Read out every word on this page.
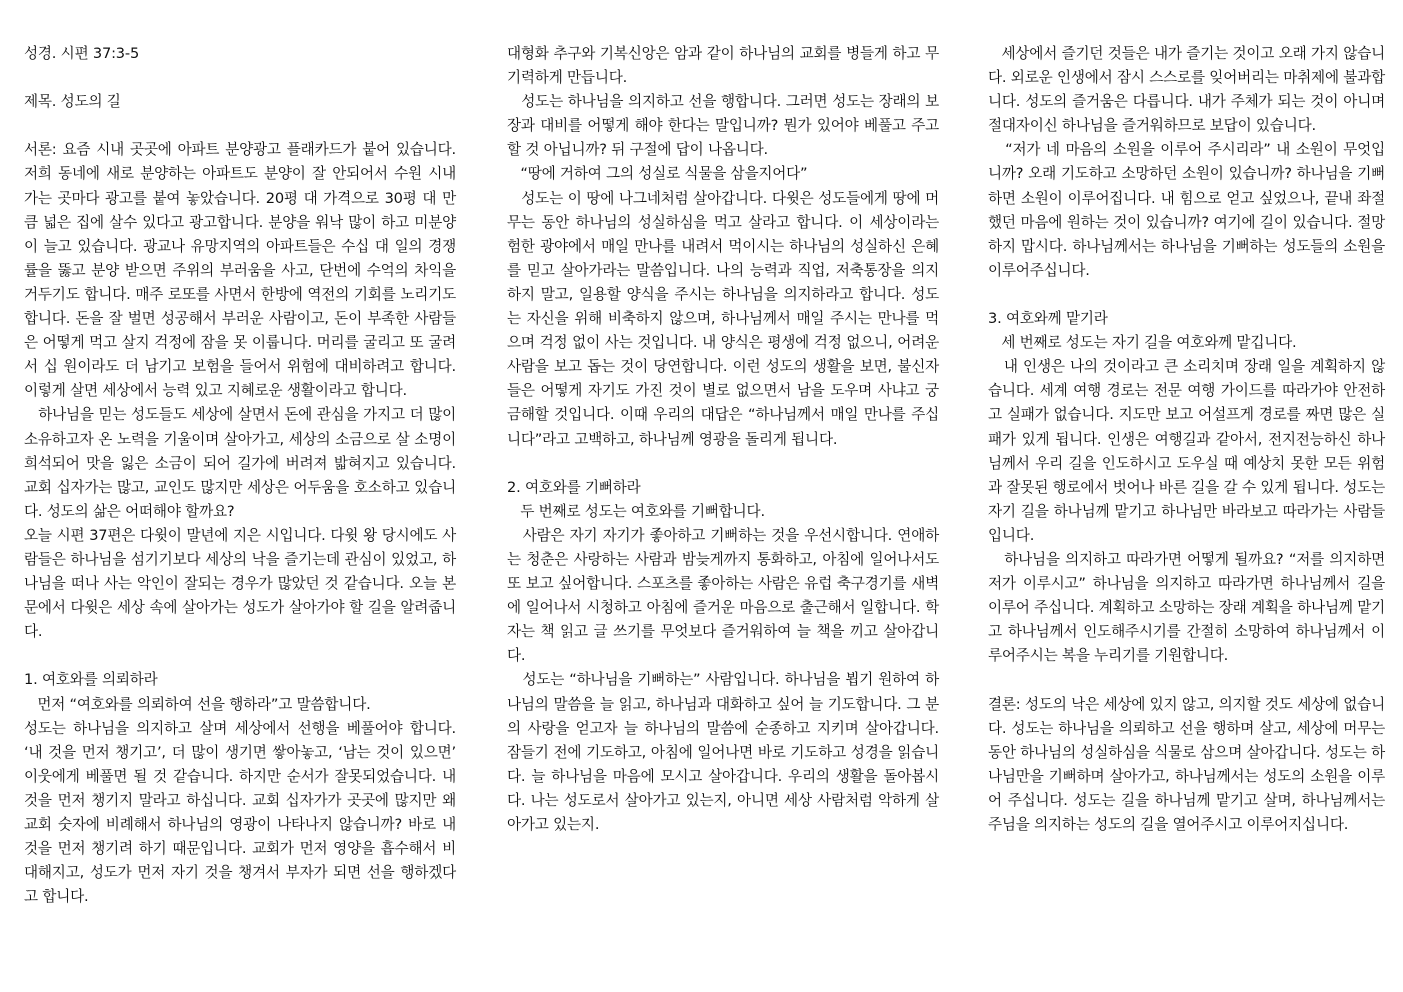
성경. 시편 37:3-5

제목. 성도의 길

서론: 요즘 시내 곳곳에 아파트 분양광고 플래카드가 붙어 있습니다. 저희 동네에 새로 분양하는 아파트도 분양이 잘 안되어서 수원 시내 가는 곳마다 광고를 붙여 놓았습니다. 20평 대 가격으로 30평 대 만큼 넓은 집에 살수 있다고 광고합니다. 분양을 워낙 많이 하고 미분양이 늘고 있습니다. 광교나 유망지역의 아파트들은 수십 대 일의 경쟁률을 뚫고 분양 받으면 주위의 부러움을 사고, 단번에 수억의 차익을 거두기도 합니다. 매주 로또를 사면서 한방에 역전의 기회를 노리기도 합니다. 돈을 잘 벌면 성공해서 부러운 사람이고, 돈이 부족한 사람들은 어떻게 먹고 살지 걱정에 잠을 못 이룹니다. 머리를 굴리고 또 굴려서 십 원이라도 더 남기고 보험을 들어서 위험에 대비하려고 합니다. 이렇게 살면 세상에서 능력 있고 지혜로운 생활이라고 합니다.

하나님을 믿는 성도들도 세상에 살면서 돈에 관심을 가지고 더 많이 소유하고자 온 노력을 기울이며 살아가고, 세상의 소금으로 살 소명이 희석되어 맛을 잃은 소금이 되어 길가에 버려져 밟혀지고 있습니다. 교회 십자가는 많고, 교인도 많지만 세상은 어두움을 호소하고 있습니다. 성도의 삶은 어떠해야 할까요?

오늘 시편 37편은 다윗이 말년에 지은 시입니다. 다윗 왕 당시에도 사람들은 하나님을 섬기기보다 세상의 낙을 즐기는데 관심이 있었고, 하나님을 떠나 사는 악인이 잘되는 경우가 많았던 것 같습니다. 오늘 본문에서 다윗은 세상 속에 살아가는 성도가 살아가야 할 길을 알려줍니다.

1. 여호와를 의뢰하라

먼저 “여호와를 의뢰하여 선을 행하라”고 말씀합니다.

성도는 하나님을 의지하고 살며 세상에서 선행을 베풀어야 합니다. ‘내 것을 먼저 챙기고’, 더 많이 생기면 쌓아놓고, ‘남는 것이 있으면’ 이웃에게 베풀면 될 것 같습니다. 하지만 순서가 잘못되었습니다. 내 것을 먼저 챙기지 말라고 하십니다. 교회 십자가가 곳곳에 많지만 왜 교회 숫자에 비례해서 하나님의 영광이 나타나지 않습니까? 바로 내 것을 먼저 챙기려 하기 때문입니다. 교회가 먼저 영양을 흡수해서 비대해지고, 성도가 먼저 자기 것을 챙겨서 부자가 되면 선을 행하겠다고 합니다.

대형화 추구와 기복신앙은 암과 같이 하나님의 교회를 병들게 하고 무기력하게 만듭니다.

성도는 하나님을 의지하고 선을 행합니다. 그러면 성도는 장래의 보장과 대비를 어떻게 해야 한다는 말입니까? 뭔가 있어야 베풀고 주고 할 것 아닙니까? 뒤 구절에 답이 나옵니다.

“땅에 거하여 그의 성실로 식물을 삼을지어다”

성도는 이 땅에 나그네처럼 살아갑니다. 다윗은 성도들에게 땅에 머무는 동안 하나님의 성실하심을 먹고 살라고 합니다. 이 세상이라는 험한 광야에서 매일 만나를 내려서 먹이시는 하나님의 성실하신 은혜를 믿고 살아가라는 말씀입니다. 나의 능력과 직업, 저축통장을 의지하지 말고, 일용할 양식을 주시는 하나님을 의지하라고 합니다. 성도는 자신을 위해 비축하지 않으며, 하나님께서 매일 주시는 만나를 먹으며 걱정 없이 사는 것입니다. 내 양식은 평생에 걱정 없으니, 어려운 사람을 보고 돕는 것이 당연합니다. 이런 성도의 생활을 보면, 불신자들은 어떻게 자기도 가진 것이 별로 없으면서 남을 도우며 사냐고 궁금해할 것입니다. 이때 우리의 대답은 “하나님께서 매일 만나를 주십니다”라고 고백하고, 하나님께 영광을 돌리게 됩니다.

2. 여호와를 기뻐하라

두 번째로 성도는 여호와를 기뻐합니다.

사람은 자기 자기가 좋아하고 기뻐하는 것을 우선시합니다. 연애하는 청춘은 사랑하는 사람과 밤늦게까지 통화하고, 아침에 일어나서도 또 보고 싶어합니다. 스포츠를 좋아하는 사람은 유럽 축구경기를 새벽에 일어나서 시청하고 아침에 즐거운 마음으로 출근해서 일합니다. 학자는 책 읽고 글 쓰기를 무엇보다 즐거워하여 늘 책을 끼고 살아갑니다.

성도는 “하나님을 기뻐하는” 사람입니다. 하나님을 뵙기 원하여 하나님의 말씀을 늘 읽고, 하나님과 대화하고 싶어 늘 기도합니다. 그 분의 사랑을 얻고자 늘 하나님의 말씀에 순종하고 지키며 살아갑니다. 잠들기 전에 기도하고, 아침에 일어나면 바로 기도하고 성경을 읽습니다. 늘 하나님을 마음에 모시고 살아갑니다. 우리의 생활을 돌아봅시다. 나는 성도로서 살아가고 있는지, 아니면 세상 사람처럼 악하게 살아가고 있는지.

세상에서 즐기던 것들은 내가 즐기는 것이고 오래 가지 않습니다. 외로운 인생에서 잠시 스스로를 잊어버리는 마취제에 불과합니다. 성도의 즐거움은 다릅니다. 내가 주체가 되는 것이 아니며 절대자이신 하나님을 즐거워하므로 보답이 있습니다.

“저가 네 마음의 소원을 이루어 주시리라” 내 소원이 무엇입니까? 오래 기도하고 소망하던 소원이 있습니까? 하나님을 기뻐하면 소원이 이루어집니다. 내 힘으로 얻고 싶었으나, 끝내 좌절했던 마음에 원하는 것이 있습니까? 여기에 길이 있습니다. 절망하지 맙시다. 하나님께서는 하나님을 기뻐하는 성도들의 소원을 이루어주십니다.

3. 여호와께 맡기라

세 번째로 성도는 자기 길을 여호와께 맡깁니다.

내 인생은 나의 것이라고 큰 소리치며 장래 일을 계획하지 않습니다. 세계 여행 경로는 전문 여행 가이드를 따라가야 안전하고 실패가 없습니다. 지도만 보고 어설프게 경로를 짜면 많은 실패가 있게 됩니다. 인생은 여행길과 같아서, 전지전능하신 하나님께서 우리 길을 인도하시고 도우실 때 예상치 못한 모든 위험과 잘못된 행로에서 벗어나 바른 길을 갈 수 있게 됩니다. 성도는 자기 길을 하나님께 맡기고 하나님만 바라보고 따라가는 사람들입니다.

하나님을 의지하고 따라가면 어떻게 될까요? “저를 의지하면 저가 이루시고” 하나님을 의지하고 따라가면 하나님께서 길을 이루어 주십니다. 계획하고 소망하는 장래 계획을 하나님께 맡기고 하나님께서 인도해주시기를 간절히 소망하여 하나님께서 이루어주시는 복을 누리기를 기원합니다.

결론: 성도의 낙은 세상에 있지 않고, 의지할 것도 세상에 없습니다. 성도는 하나님을 의뢰하고 선을 행하며 살고, 세상에 머무는 동안 하나님의 성실하심을 식물로 삼으며 살아갑니다. 성도는 하나님만을 기뻐하며 살아가고, 하나님께서는 성도의 소원을 이루어 주십니다. 성도는 길을 하나님께 맡기고 살며, 하나님께서는 주님을 의지하는 성도의 길을 열어주시고 이루어지십니다.
